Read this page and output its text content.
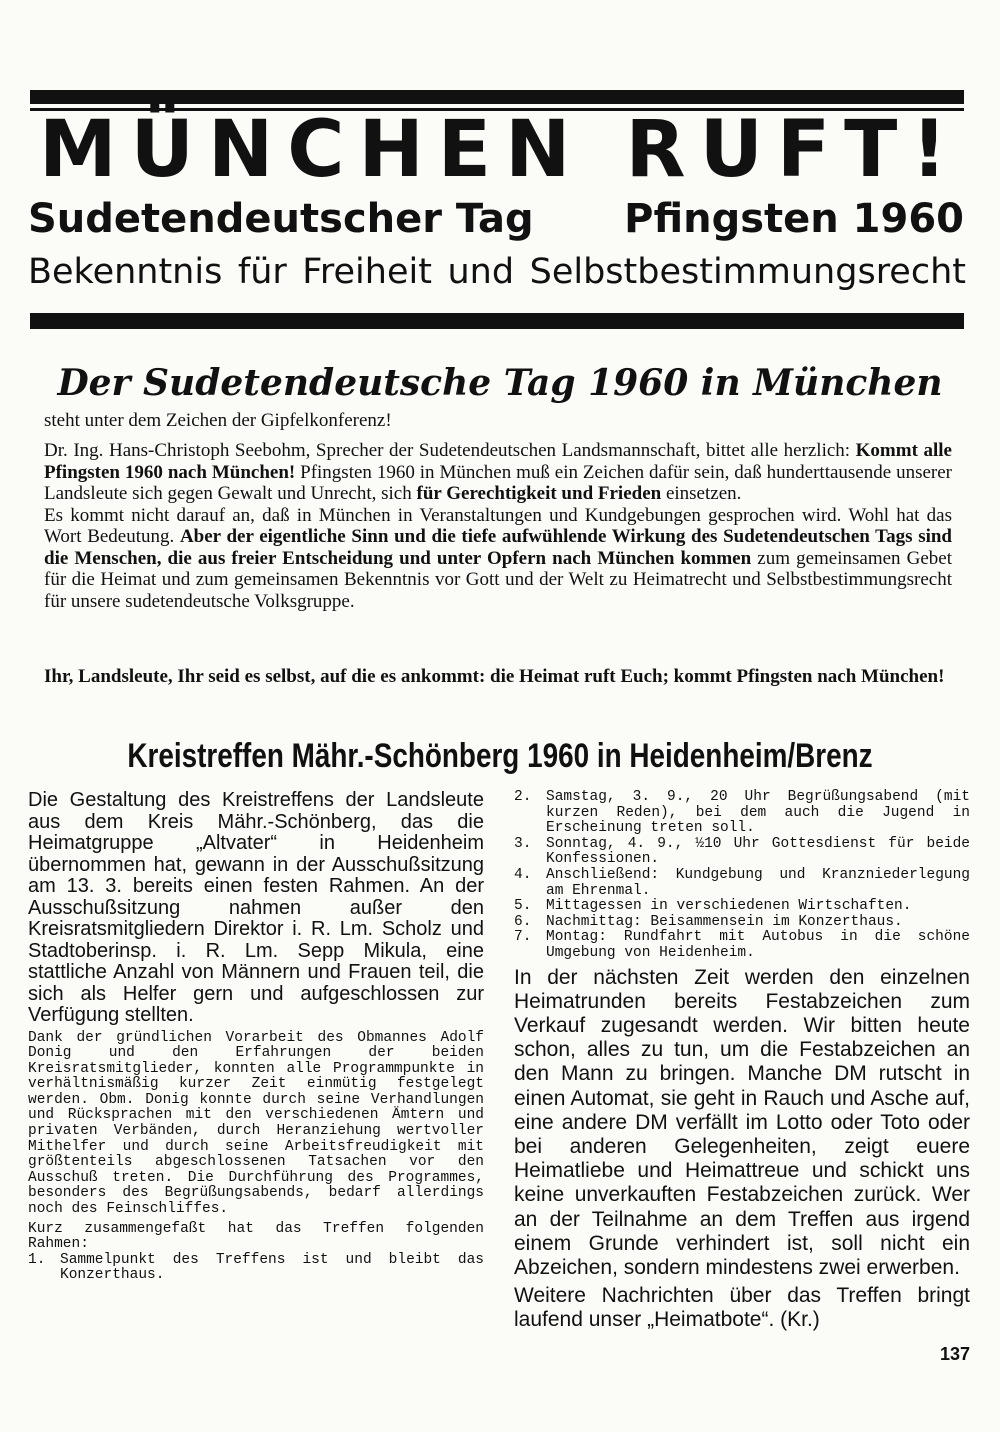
MÜNCHEN RUFT!
Sudetendeutscher Tag Pfingsten 1960
Bekenntnis für Freiheit und Selbstbestimmungsrecht
Der Sudetendeutsche Tag 1960 in München
steht unter dem Zeichen der Gipfelkonferenz!

Dr. Ing. Hans-Christoph Seebohm, Sprecher der Sudetendeutschen Landsmannschaft, bittet alle herzlich: Kommt alle Pfingsten 1960 nach München! Pfingsten 1960 in München muß ein Zeichen dafür sein, daß hunderttausende unserer Landsleute sich gegen Gewalt und Unrecht, sich für Gerechtigkeit und Frieden einsetzen.

Es kommt nicht darauf an, daß in München in Veranstaltungen und Kundgebungen gesprochen wird. Wohl hat das Wort Bedeutung. Aber der eigentliche Sinn und die tiefe aufwühlende Wirkung des Sudetendeutschen Tags sind die Menschen, die aus freier Entscheidung und unter Opfern nach München kommen zum gemeinsamen Gebet für die Heimat und zum gemeinsamen Bekenntnis vor Gott und der Welt zu Heimatrecht und Selbstbestimmungsrecht für unsere sudetendeutsche Volksgruppe.

Ihr, Landsleute, Ihr seid es selbst, auf die es ankommt: die Heimat ruft Euch; kommt Pfingsten nach München!
Kreistreffen Mähr.-Schönberg 1960 in Heidenheim/Brenz

Die Gestaltung des Kreistreffens der Landsleute aus dem Kreis Mähr.-Schönberg, das die Heimatgruppe „Altvater“ in Heidenheim übernommen hat, gewann in der Ausschußsitzung am 13. 3. bereits einen festen Rahmen. An der Ausschußsitzung nahmen außer den Kreisratsmitgliedern Direktor i. R. Lm. Scholz und Stadtoberinsp. i. R. Lm. Sepp Mikula, eine stattliche Anzahl von Männern und Frauen teil, die sich als Helfer gern und aufgeschlossen zur Verfügung stellten.

Dank der gründlichen Vorarbeit des Obmannes Adolf Donig und den Erfahrungen der beiden Kreisratsmitglieder, konnten alle Programmpunkte in verhältnismäßig kurzer Zeit einmütig festgelegt werden. Obm. Donig konnte durch seine Verhandlungen und Rücksprachen mit den verschiedenen Ämtern und privaten Verbänden, durch Heranziehung wertvoller Mithelfer und durch seine Arbeitsfreudigkeit mit größtenteils abgeschlossenen Tatsachen vor den Ausschuß treten. Die Durchführung des Programmes, besonders des Begrüßungsabends, bedarf allerdings noch des Feinschliffes.

Kurz zusammengefaßt hat das Treffen folgenden Rahmen:

1.	Sammelpunkt des Treffens ist und bleibt das Konzerthaus.
2.	Samstag, 3. 9., 20 Uhr Begrüßungsabend (mit kurzen Reden), bei dem auch die Jugend in Erscheinung treten soll.
3.	Sonntag, 4. 9., ½10 Uhr Gottesdienst für beide Konfessionen.
4.	Anschließend: Kundgebung und Kranzniederlegung am Ehrenmal.
5.	Mittagessen in verschiedenen Wirtschaften.
6.	Nachmittag: Beisammensein im Konzerthaus.
7.	Montag: Rundfahrt mit Autobus in die schöne Umgebung von Heidenheim.

In der nächsten Zeit werden den einzelnen Heimatrunden bereits Festabzeichen zum Verkauf zugesandt werden. Wir bitten heute schon, alles zu tun, um die Festabzeichen an den Mann zu bringen. Manche DM rutscht in einen Automat, sie geht in Rauch und Asche auf, eine andere DM verfällt im Lotto oder Toto oder bei anderen Gelegenheiten, zeigt euere Heimatliebe und Heimattreue und schickt uns keine unverkauften Festabzeichen zurück. Wer an der Teilnahme an dem Treffen aus irgend einem Grunde verhindert ist, soll nicht ein Abzeichen, sondern mindestens zwei erwerben.

Weitere Nachrichten über das Treffen bringt laufend unser „Heimatbote“. (Kr.)

137
